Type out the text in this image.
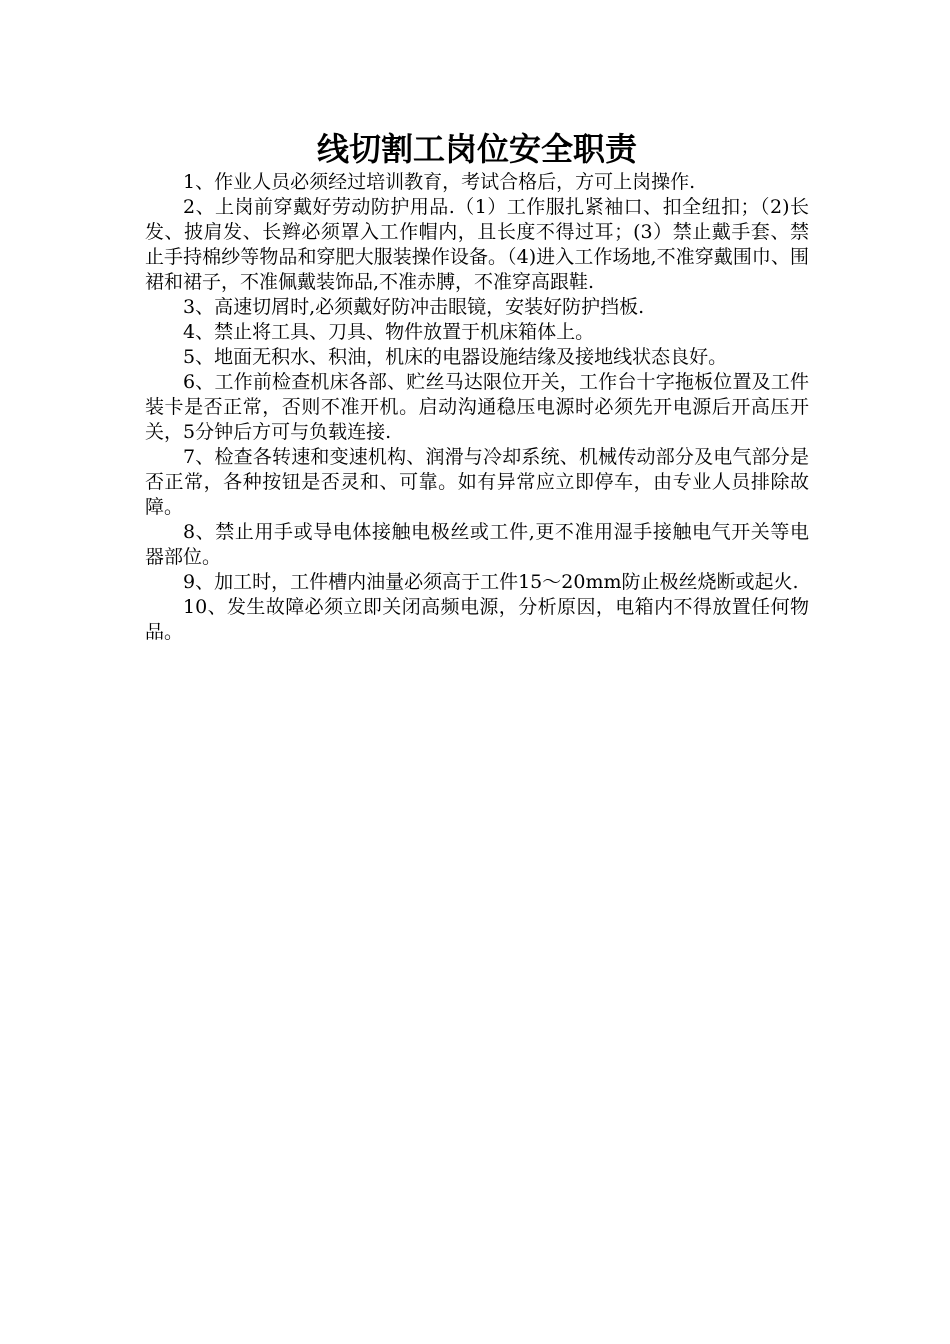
线切割工岗位安全职责

1、作业人员必须经过培训教育，考试合格后，方可上岗操作.

2、上岗前穿戴好劳动防护用品.（1）工作服扎紧袖口、扣全纽扣；（2)长发、披肩发、长辫必须罩入工作帽内，且长度不得过耳；(3）禁止戴手套、禁止手持棉纱等物品和穿肥大服装操作设备。（4)进入工作场地,不准穿戴围巾、围裙和裙子，不准佩戴装饰品,不准赤膊，不准穿高跟鞋.

3、高速切屑时,必须戴好防冲击眼镜，安装好防护挡板.

4、禁止将工具、刀具、物件放置于机床箱体上。

5、地面无积水、积油，机床的电器设施结缘及接地线状态良好。

6、工作前检查机床各部、贮丝马达限位开关，工作台十字拖板位置及工件装卡是否正常，否则不准开机。启动沟通稳压电源时必须先开电源后开高压开关，5分钟后方可与负载连接.

7、检查各转速和变速机构、润滑与冷却系统、机械传动部分及电气部分是否正常，各种按钮是否灵和、可靠。如有异常应立即停车，由专业人员排除故障。

8、禁止用手或导电体接触电极丝或工件,更不准用湿手接触电气开关等电器部位。

9、加工时，工件槽内油量必须高于工件15～20mm防止极丝烧断或起火.

10、发生故障必须立即关闭高频电源，分析原因，电箱内不得放置任何物品。
